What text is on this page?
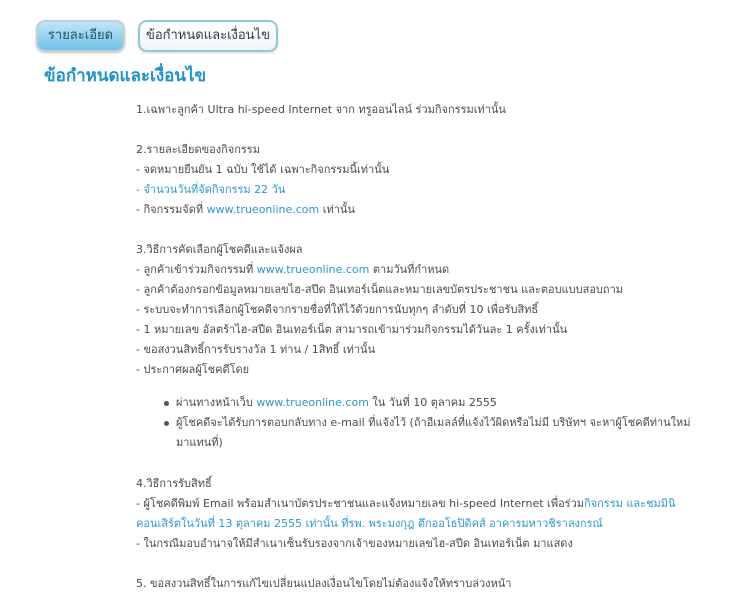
รายละเอียด	ข้อกำหนดและเงื่อนไข
ข้อกำหนดและเงื่อนไข
1.เฉพาะลูกค้า Ultra hi-speed Internet จาก ทรูออนไลน์ ร่วมกิจกรรมเท่านั้น
2.รายละเอียดของกิจกรรม
- จดหมายยืนยัน 1 ฉบับ ใช้ได้ เฉพาะกิจกรรมนี้เท่านั้น
- จำนวนวันที่จัดกิจกรรม 22 วัน
- กิจกรรมจัดที่ www.trueonline.com เท่านั้น
3.วิธีการคัดเลือกผู้โชคดีและแจ้งผล
- ลูกค้าเข้าร่วมกิจกรรมที่ www.trueonline.com ตามวันที่กำหนด
- ลูกค้าต้องกรอกข้อมูลหมายเลขไฮ-สปีด อินเทอร์เน็ตและหมายเลขบัตรประชาชน และตอบแบบสอบถาม
- ระบบจะทำการเลือกผู้โชคดีจากรายชื่อที่ให้ไว้ด้วยการนับทุกๆ ลำดับที่ 10 เพื่อรับสิทธิ์
- 1 หมายเลข อัลตร้าไฮ-สปีด อินเทอร์เน็ต สามารถเข้ามาร่วมกิจกรรมได้วันละ 1 ครั้งเท่านั้น
- ขอสงวนสิทธิ์การรับรางวัล 1 ท่าน / 1สิทธิ์ เท่านั้น
- ประกาศผลผู้โชคดีโดย
ผ่านทางหน้าเว็บ www.trueonline.com ใน วันที่ 10 ตุลาคม 2555
ผู้โชคดีจะได้รับการตอบกลับทาง e-mail ที่แจ้งไว้ (ถ้าอีเมลล์ที่แจ้งไว้ผิดหรือไม่มี บริษัทฯ จะหาผู้โชคดีท่านใหม่มาแทนที่)
4.วิธีการรับสิทธิ์
- ผู้โชคดีพิมพ์ Email พร้อมสำเนาบัตรประชาชนและแจ้งหมายเลข hi-speed Internet เพื่อร่วมกิจกรรม และชมมินิคอนเสิร์ตในวันที่ 13 ตุลาคม 2555 เท่านั้น ที่รพ. พระมงกุฎ ตึกออโธปิดิคส์ อาคารมหาวชิราลงกรณ์
- ในกรณีมอบอำนาจให้มีสำเนาเซ็นรับรองจากเจ้าของหมายเลขไฮ-สปีด อินเทอร์เน็ต มาแสดง
5. ขอสงวนสิทธิ์ในการแก้ไขเปลี่ยนแปลงเงื่อนไขโดยไม่ต้องแจ้งให้ทราบล่วงหน้า
